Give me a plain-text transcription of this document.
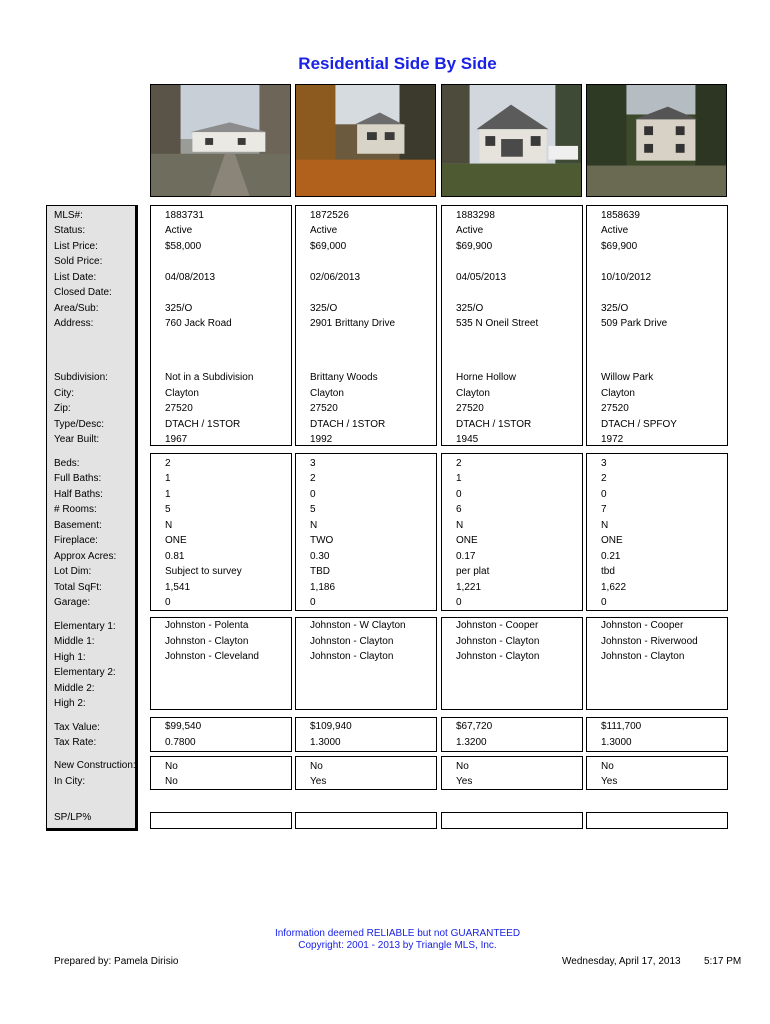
Residential Side By Side
MLS#:
Status:
List Price:
Sold Price:
List Date:
Closed Date:
Area/Sub:
Address:
Subdivision:
City:
Zip:
Type/Desc:
Year Built:
Beds:
Full Baths:
Half Baths:
# Rooms:
Basement:
Fireplace:
Approx Acres:
Lot Dim:
Total SqFt:
Garage:
Elementary 1:
Middle 1:
High 1:
Elementary 2:
Middle 2:
High 2:
Tax Value:
Tax Rate:
New Construction:
In City:
SP/LP%
1883731
Active
$58,000
04/08/2013
325/O
760 Jack Road
Not in a Subdivision
Clayton
27520
DTACH / 1STOR
1967
2
1
1
5
N
ONE
0.81
Subject to survey
1,541
0
Johnston - Polenta
Johnston - Clayton
Johnston - Cleveland
$99,540
0.7800
No
No
1872526
Active
$69,000
02/06/2013
325/O
2901 Brittany Drive
Brittany Woods
Clayton
27520
DTACH / 1STOR
1992
3
2
0
5
N
TWO
0.30
TBD
1,186
0
Johnston - W Clayton
Johnston - Clayton
Johnston - Clayton
$109,940
1.3000
No
Yes
1883298
Active
$69,900
04/05/2013
325/O
535 N Oneil Street
Horne Hollow
Clayton
27520
DTACH / 1STOR
1945
2
1
0
6
N
ONE
0.17
per plat
1,221
0
Johnston - Cooper
Johnston - Clayton
Johnston - Clayton
$67,720
1.3200
No
Yes
1858639
Active
$69,900
10/10/2012
325/O
509 Park Drive
Willow Park
Clayton
27520
DTACH / SPFOY
1972
3
2
0
7
N
ONE
0.21
tbd
1,622
0
Johnston - Cooper
Johnston - Riverwood
Johnston - Clayton
$111,700
1.3000
No
Yes
Information deemed RELIABLE but not GUARANTEED
Copyright: 2001 - 2013 by Triangle MLS, Inc.
Prepared by: Pamela Dirisio	Wednesday, April 17, 2013 5:17 PM
